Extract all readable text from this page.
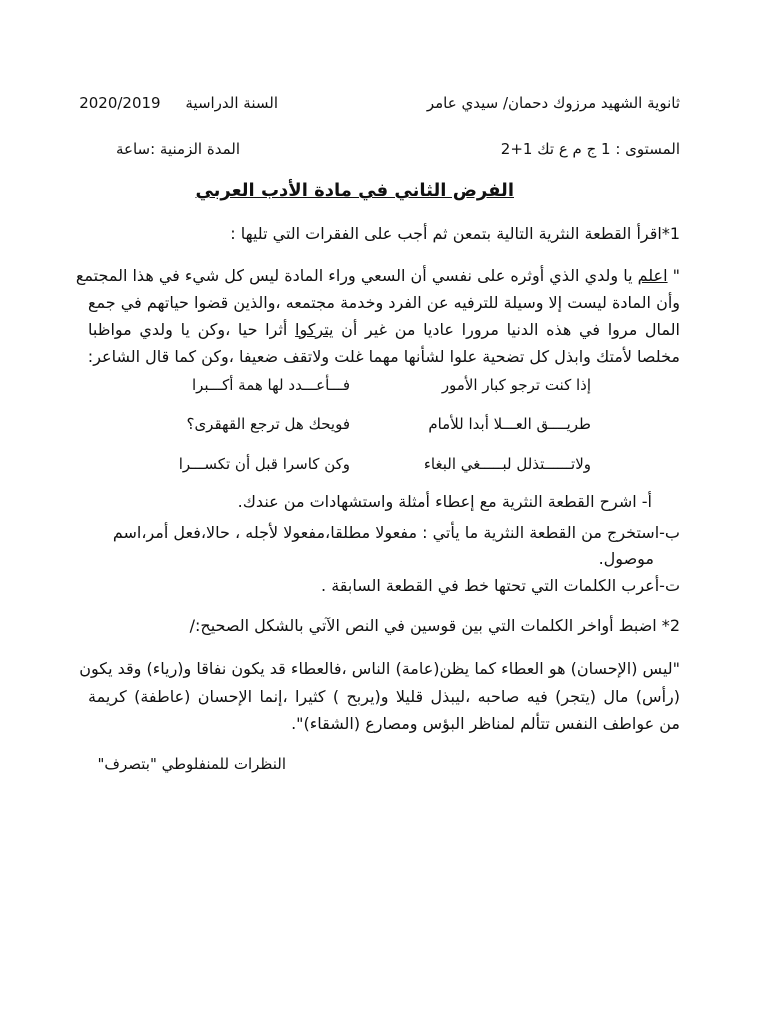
ثانوية الشهيد مرزوك دحمان/ سيدي عامر
السنة الدراسية 2020/2019
المستوى : 1 ج م ع تك 1+2
المدة الزمنية :ساعة
الفرض الثاني في مادة الأدب العربي
1*اقرأ القطعة النثرية التالية بتمعن ثم أجب على الفقرات التي تليها :
" اعلم يا ولدي الذي أوثره على نفسي أن السعي وراء المادة ليس كل شيء في هذا المجتمع
وأن المادة ليست إلا وسيلة للترفيه عن الفرد وخدمة مجتمعه ،والذين قضوا حياتهم في جمع
المال مروا في هذه الدنيا مرورا عاديا من غير أن يتركوا أثرا حيا ،وكن يا ولدي مواظبا
مخلصا لأمتك وابذل كل تضحية علوا لشأنها مهما غلت ولاتقف ضعيفا ،وكن كما قال الشاعر:
إذا كنت ترجو كبار الأمور
فـــأعـــدد لها همة أكـــبرا
طريــــق العـــلا أبدا للأمام
فويحك هل ترجع القهقرى؟
ولاتــــــتذلل لبـــــغي البغاء
وكن كاسرا قبل أن تكســـرا
أ- اشرح القطعة النثرية مع إعطاء أمثلة واستشهادات من عندك.
ب-استخرج من القطعة النثرية ما يأتي : مفعولا مطلقا،مفعولا لأجله ، حالا،فعل أمر،اسم
موصول.
ت-أعرب الكلمات التي تحتها خط في القطعة السابقة .
2* اضبط أواخر الكلمات التي بين قوسين في النص الآتي بالشكل الصحيح:/
"ليس (الإحسان) هو العطاء كما يظن(عامة) الناس ،فالعطاء قد يكون نفاقا و(رياء) وقد يكون
(رأس) مال (يتجر) فيه صاحبه ،ليبذل قليلا و(يربح ) كثيرا ،إنما الإحسان (عاطفة) كريمة
من عواطف النفس تتألم لمناظر البؤس ومصارع (الشقاء)".
النظرات للمنفلوطي "بتصرف"
